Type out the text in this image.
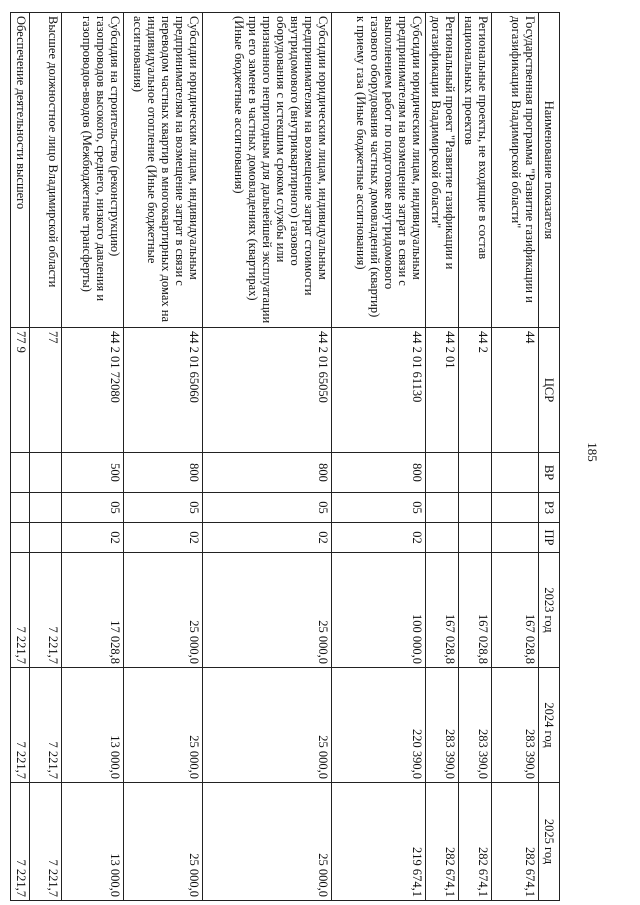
185
Наименование показателя	ЦСР	ВР	РЗ	ПР	2023 год	2024 год	2025 год
Государственная программа "Развитие газификации и догазификации Владимирской области"	44				167 028,8	283 390,0	282 674,1
Региональные проекты, не входящие в состав национальных проектов	44 2				167 028,8	283 390,0	282 674,1
Региональный проект "Развитие газификации и догазификации Владимирской области"	44 2 01				167 028,8	283 390,0	282 674,1
Субсидии юридическим лицам, индивидуальным предпринимателям на возмещение затрат в связи с выполнением работ по подготовке внутридомового газового оборудования частных домовладений (квартир) к приему газа (Иные бюджетные ассигнования)	44 2 01 61130	800	05	02	100 000,0	220 390,0	219 674,1
Субсидии юридическим лицам, индивидуальным предпринимателям на возмещение затрат стоимости внутридомового (внутриквартирного) газового оборудования с истекшим сроком службы или признанного непригодным для дальнейшей эксплуатации при его замене в частных домовладениях (квартирах) (Иные бюджетные ассигнования)	44 2 01 65050	800	05	02	25 000,0	25 000,0	25 000,0
Субсидии юридическим лицам, индивидуальным предпринимателям на возмещение затрат в связи с переводом частных квартир в многоквартирных домах на индивидуальное отопление (Иные бюджетные ассигнования)	44 2 01 65060	800	05	02	25 000,0	25 000,0	25 000,0
Субсидия на строительство (реконструкцию) газопроводов высокого, среднего, низкого давления и газопроводов-вводов (Межбюджетные трансферты)	44 2 01 72080	500	05	02	17 028,8	13 000,0	13 000,0
Высшее должностное лицо Владимирской области	77				7 221,7	7 221,7	7 221,7
Обеспечение деятельности высшего	77 9				7 221,7	7 221,7	7 221,7
